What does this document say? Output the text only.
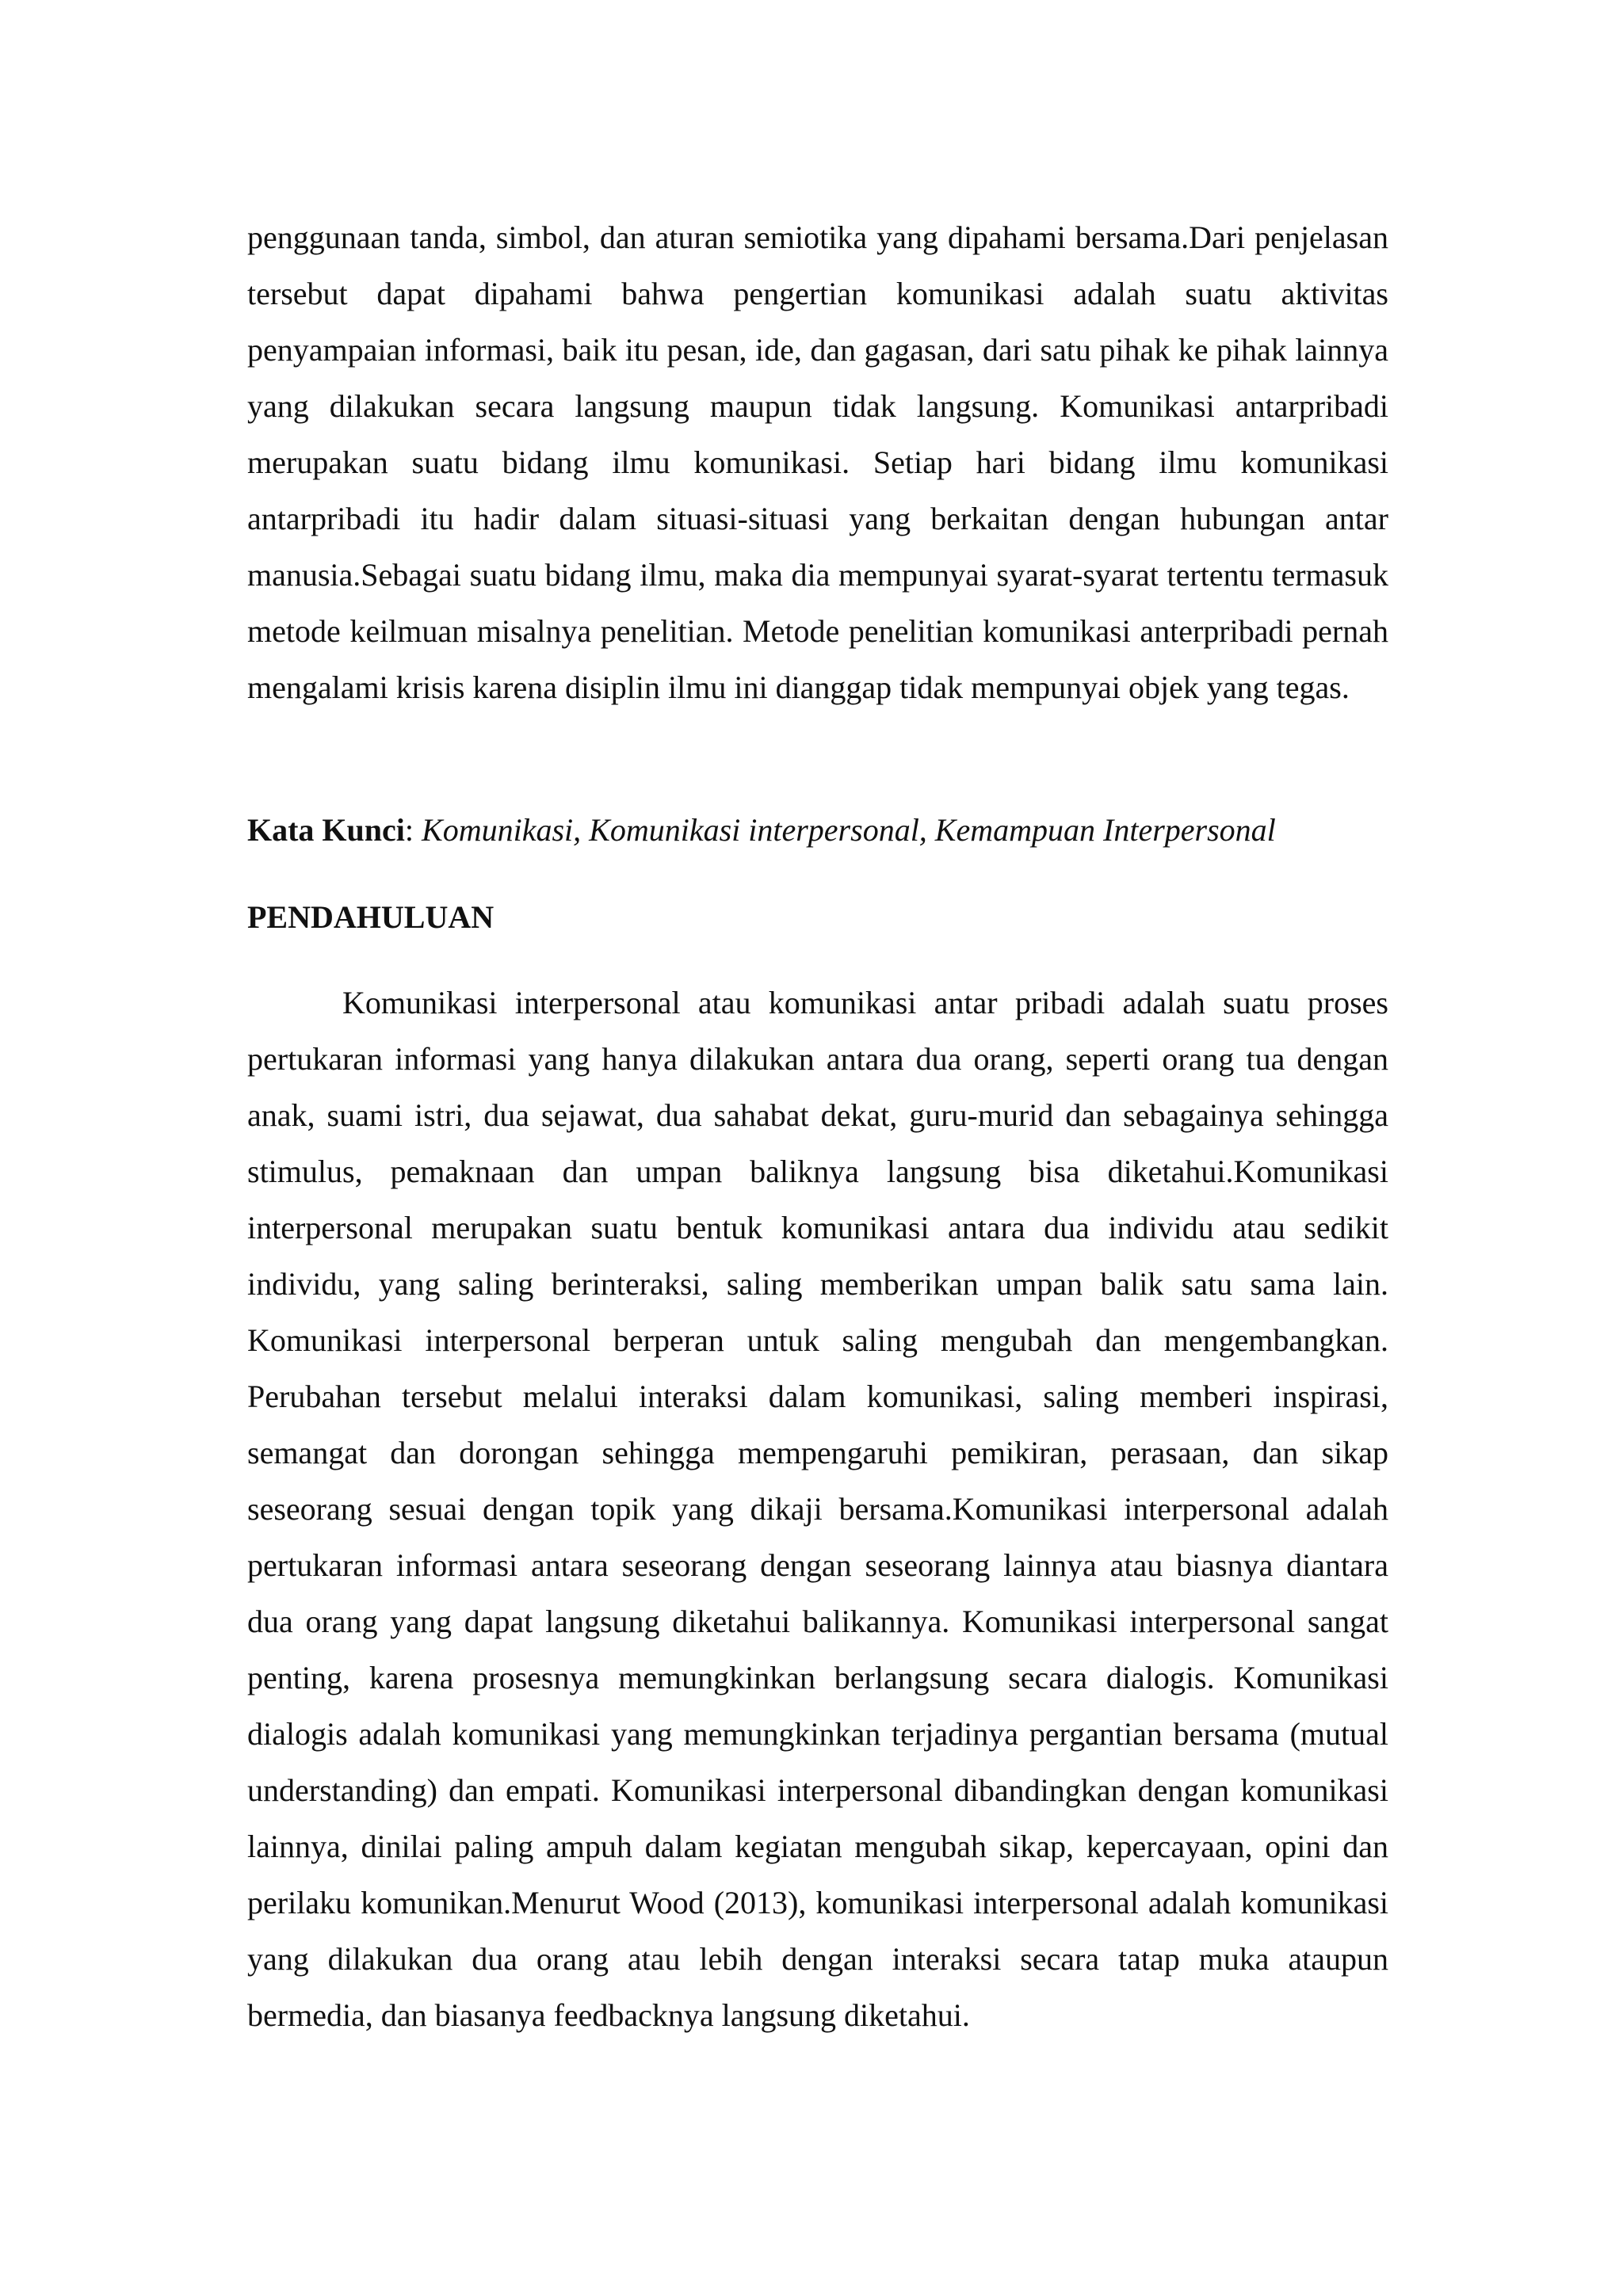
penggunaan tanda, simbol, dan aturan semiotika yang dipahami bersama.Dari penjelasan tersebut dapat dipahami bahwa pengertian komunikasi adalah suatu aktivitas penyampaian informasi, baik itu pesan, ide, dan gagasan, dari satu pihak ke pihak lainnya yang dilakukan secara langsung maupun tidak langsung. Komunikasi antarpribadi merupakan suatu bidang ilmu komunikasi. Setiap hari bidang ilmu komunikasi antarpribadi itu hadir dalam situasi-situasi yang berkaitan dengan hubungan antar manusia.Sebagai suatu bidang ilmu, maka dia mempunyai syarat-syarat tertentu termasuk metode keilmuan misalnya penelitian. Metode penelitian komunikasi anterpribadi pernah mengalami krisis karena disiplin ilmu ini dianggap tidak mempunyai objek yang tegas.

Kata Kunci: Komunikasi, Komunikasi interpersonal, Kemampuan Interpersonal
PENDAHULUAN

Komunikasi interpersonal atau komunikasi antar pribadi adalah suatu proses pertukaran informasi yang hanya dilakukan antara dua orang, seperti orang tua dengan anak, suami istri, dua sejawat, dua sahabat dekat, guru-murid dan sebagainya sehingga stimulus, pemaknaan dan umpan baliknya langsung bisa diketahui.Komunikasi interpersonal merupakan suatu bentuk komunikasi antara dua individu atau sedikit individu, yang saling berinteraksi, saling memberikan umpan balik satu sama lain. Komunikasi interpersonal berperan untuk saling mengubah dan mengembangkan. Perubahan tersebut melalui interaksi dalam komunikasi, saling memberi inspirasi, semangat dan dorongan sehingga mempengaruhi pemikiran, perasaan, dan sikap seseorang sesuai dengan topik yang dikaji bersama.Komunikasi interpersonal adalah pertukaran informasi antara seseorang dengan seseorang lainnya atau biasnya diantara dua orang yang dapat langsung diketahui balikannya. Komunikasi interpersonal sangat penting, karena prosesnya memungkinkan berlangsung secara dialogis. Komunikasi dialogis adalah komunikasi yang memungkinkan terjadinya pergantian bersama (mutual understanding) dan empati. Komunikasi interpersonal dibandingkan dengan komunikasi lainnya, dinilai paling ampuh dalam kegiatan mengubah sikap, kepercayaan, opini dan perilaku komunikan.Menurut Wood (2013), komunikasi interpersonal adalah komunikasi yang dilakukan dua orang atau lebih dengan interaksi secara tatap muka ataupun bermedia, dan biasanya feedbacknya langsung diketahui.
